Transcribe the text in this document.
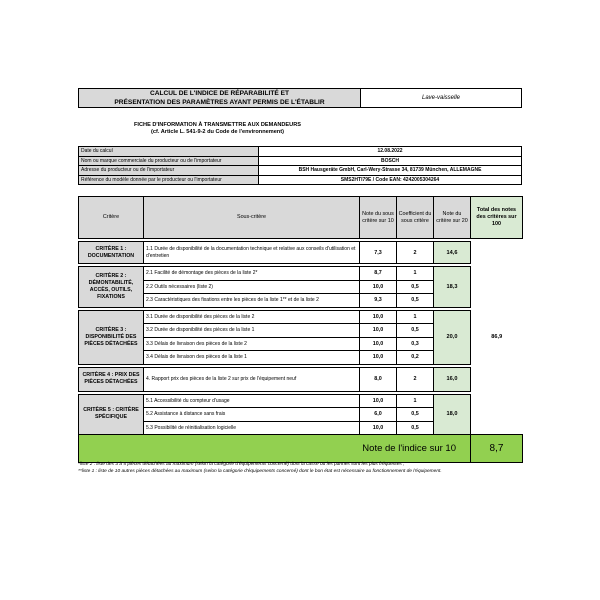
CALCUL DE L'INDICE DE RÉPARABILITÉ ET
PRÉSENTATION DES PARAMÈTRES AYANT PERMIS DE L'ÉTABLIR
Lave-vaisselle
FICHE D'INFORMATION À TRANSMETTRE AUX DEMANDEURS
(cf. Article L. 541-9-2 du Code de l'environnement)
Date du calcul	12.08.2022
Nom ou marque commerciale du producteur ou de l'importateur	BOSCH
Adresse du producteur ou de l'importateur	BSH Hausgeräte GmbH, Carl-Wery-Strasse 34, 81739 München, ALLEMAGNE
Référence du modèle donnée par le producteur ou l'importateur	SMS2HTI79E / Code EAN: 4242005304264
Critère	Sous-critère	Note du sous critère sur 10	Coefficient du sous critère	Note du critère sur 20	Total des notes des critères sur 100
					86,9
CRITÈRE 1 : DOCUMENTATION	1.1 Durée de disponibilité de la documentation technique et relative aux conseils d'utilisation et d'entretien	7,3	2	14,6	

CRITÈRE 2 : DÉMONTABILITÉ, ACCÈS, OUTILS, FIXATIONS	2.1 Facilité de démontage des pièces de la liste 2*	8,7	1	18,3	
	2.2 Outils nécessaires (liste 2)	10,0	0,5		
	2.3 Caractéristiques des fixations entre les pièces de la liste 1** et de la liste 2	9,3	0,5		

CRITÈRE 3 : DISPONIBILITÉ DES PIÈCES DÉTACHÉES	3.1 Durée de disponibilité des pièces de la liste 2	10,0	1	20,0	
	3.2 Durée de disponibilité des pièces de la liste 1	10,0	0,5		
	3.3 Délais de livraison des pièces de la liste 2	10,0	0,3		
	3.4 Délais de livraison des pièces de la liste 1	10,0	0,2		

CRITÈRE 4 : PRIX DES PIÈCES DÉTACHÉES	4. Rapport prix des pièces de la liste 2 sur prix de l'équipement neuf	8,0	2	16,0	

CRITÈRE 5 : CRITÈRE SPÉCIFIQUE	5.1 Accessibilité du compteur d'usage	10,0	1	18,0	
	5.2 Assistance à distance sans frais	6,0	0,5		
	5.3 Possibilité de réinitialisation logicielle	10,0	0,5		
Note de l'indice sur 10					8,7
*liste 2 : liste des 3 à 5 pièces détachées au maximum (selon la catégorie d'équipements concerné) dont la casse ou les pannes sont les plus fréquentes ;
**liste 1 : liste de 10 autres pièces détachées au maximum (selon la catégorie d'équipements concerné) dont le bon état est nécessaire au fonctionnement de l'équipement.
